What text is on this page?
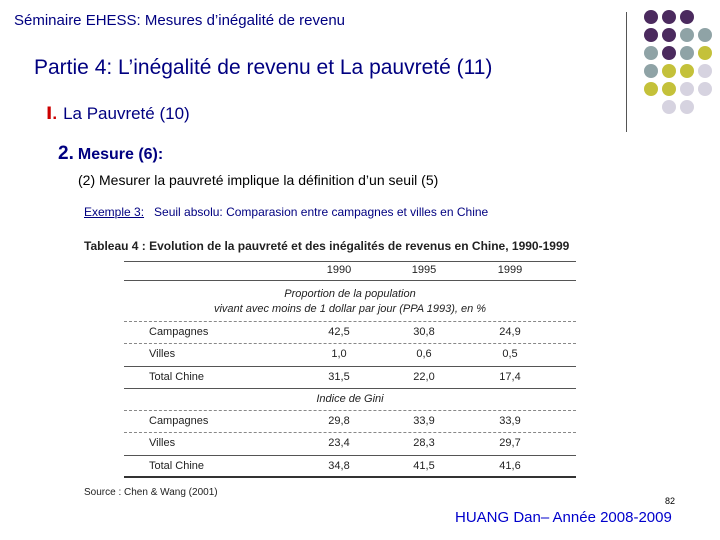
Séminaire EHESS: Mesures d’inégalité de revenu
Partie 4: L’inégalité de revenu et La pauvreté (11)
Ⅰ. La Pauvreté (10)
2. Mesure (6):
(2) Mesurer la pauvreté implique la définition d’un seuil (5)
Exemple 3: Seuil absolu: Comparasion entre campagnes et villes en Chine
Tableau 4 : Evolution de la pauvreté et des inégalités de revenus en Chine, 1990-1999
1990	1995	1999
Proportion de la population
vivant avec moins de 1 dollar par jour (PPA 1993), en %
Campagnes	42,5	30,8	24,9
Villes	1,0	0,6	0,5
Total Chine	31,5	22,0	17,4
Indice de Gini
Campagnes	29,8	33,9	33,9
Villes	23,4	28,3	29,7
Total Chine	34,8	41,5	41,6
Source : Chen & Wang (2001)
82
HUANG Dan– Année 2008-2009
